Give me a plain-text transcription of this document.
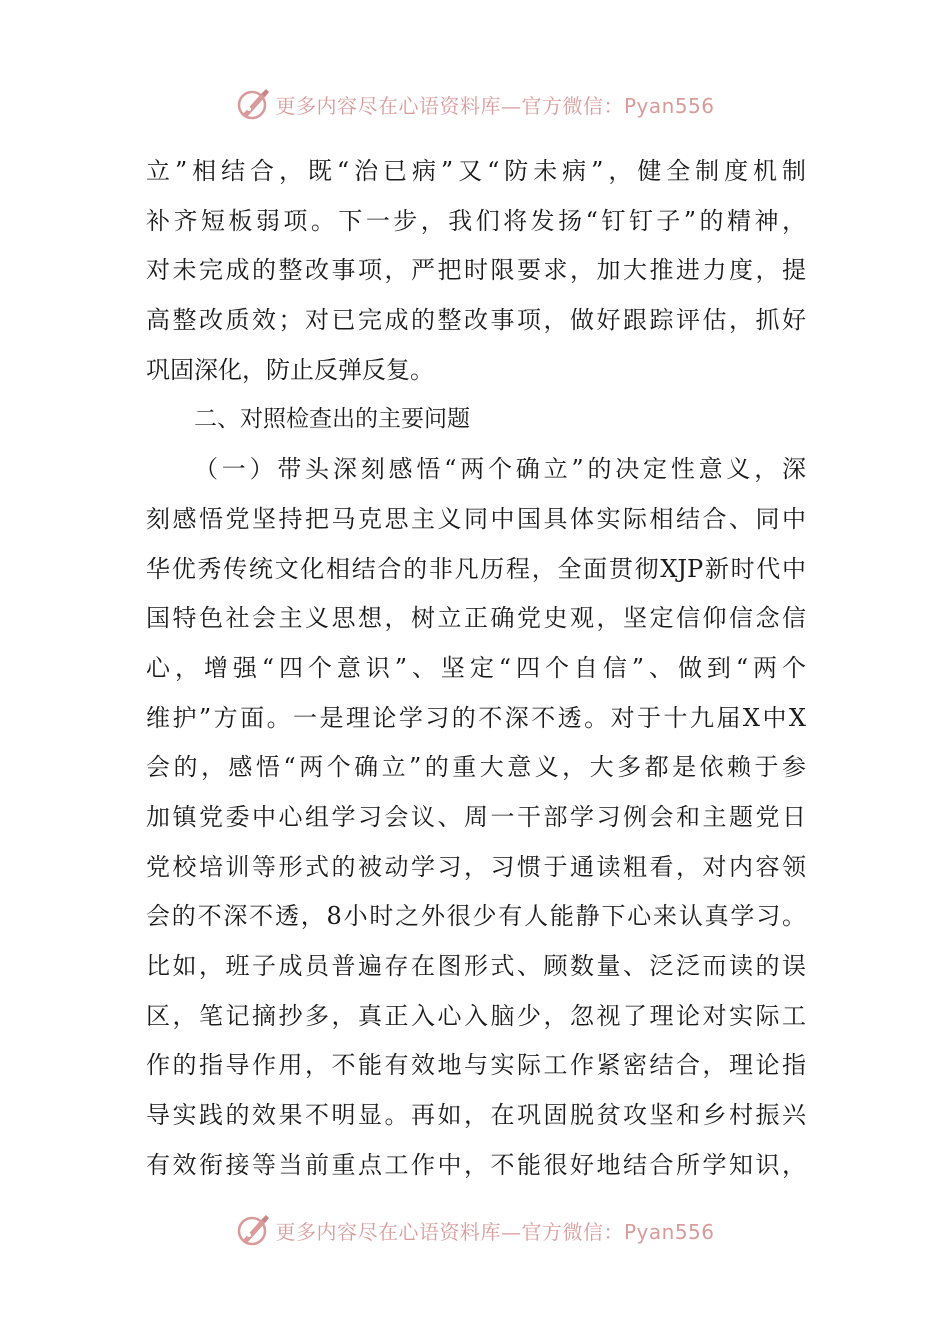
更多内容尽在心语资料库—官方微信：Pyan556
立”相结合，既“治已病”又“防未病”，健全制度机制
补齐短板弱项。下一步，我们将发扬“钉钉子”的精神，
对未完成的整改事项，严把时限要求，加大推进力度，提
高整改质效；对已完成的整改事项，做好跟踪评估，抓好
巩固深化，防止反弹反复。
二、对照检查出的主要问题
（一）带头深刻感悟“两个确立”的决定性意义，深
刻感悟党坚持把马克思主义同中国具体实际相结合、同中
华优秀传统文化相结合的非凡历程，全面贯彻XJP新时代中
国特色社会主义思想，树立正确党史观，坚定信仰信念信
心，增强“四个意识”、坚定“四个自信”、做到“两个
维护”方面。一是理论学习的不深不透。对于十九届X中X
会的，感悟“两个确立”的重大意义，大多都是依赖于参
加镇党委中心组学习会议、周一干部学习例会和主题党日
党校培训等形式的被动学习，习惯于通读粗看，对内容领
会的不深不透，8小时之外很少有人能静下心来认真学习。
比如，班子成员普遍存在图形式、顾数量、泛泛而读的误
区，笔记摘抄多，真正入心入脑少，忽视了理论对实际工
作的指导作用，不能有效地与实际工作紧密结合，理论指
导实践的效果不明显。再如，在巩固脱贫攻坚和乡村振兴
有效衔接等当前重点工作中，不能很好地结合所学知识，
更多内容尽在心语资料库—官方微信：Pyan556
